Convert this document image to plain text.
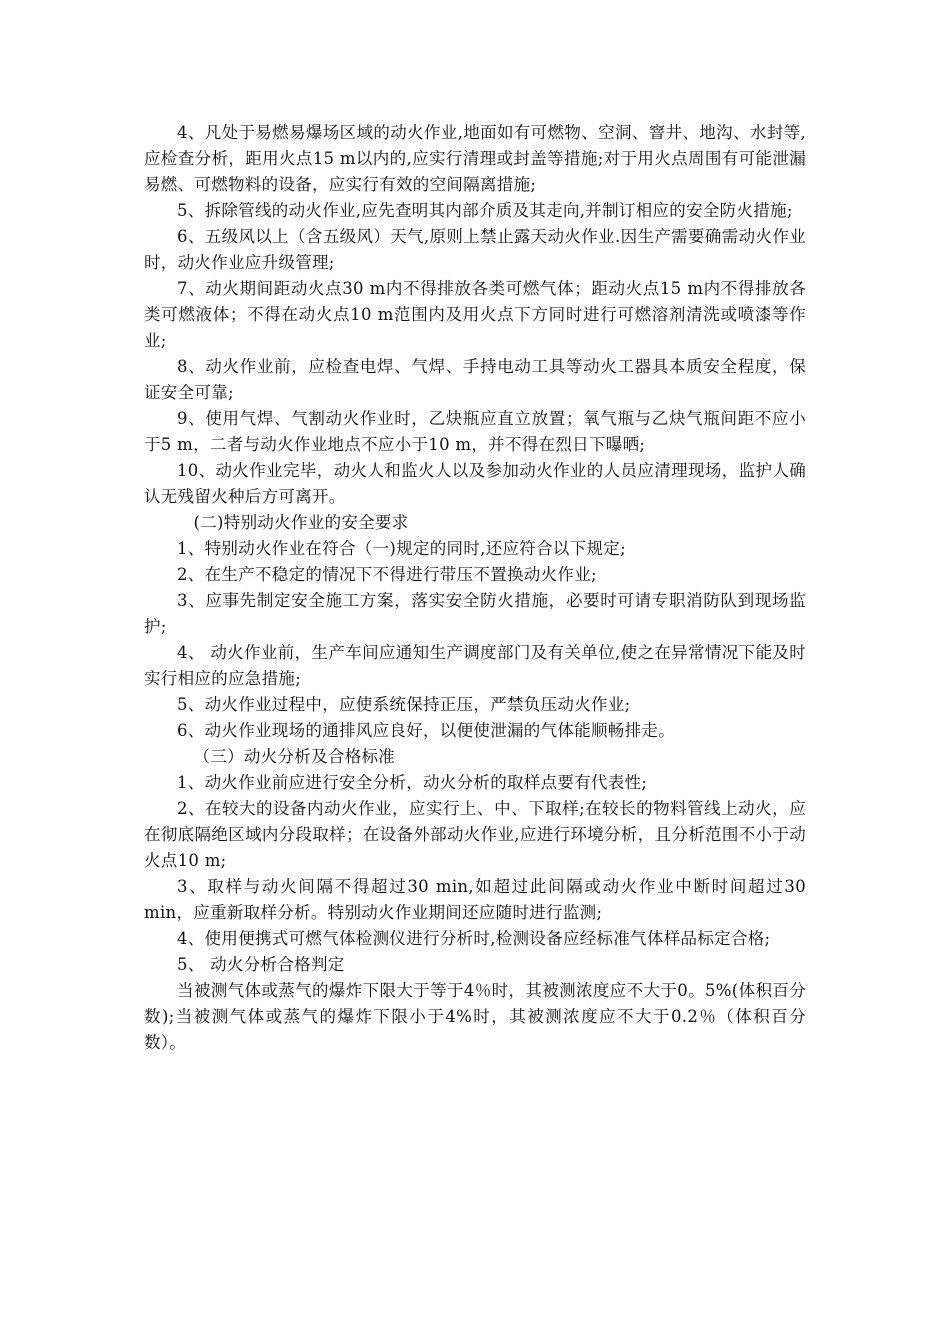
4、凡处于易燃易爆场区域的动火作业,地面如有可燃物、空洞、窨井、地沟、水封等,应检查分析，距用火点15 m以内的,应实行清理或封盖等措施;对于用火点周围有可能泄漏易燃、可燃物料的设备，应实行有效的空间隔离措施;

5、拆除管线的动火作业,应先查明其内部介质及其走向,并制订相应的安全防火措施;

6、五级风以上（含五级风）天气,原则上禁止露天动火作业.因生产需要确需动火作业时，动火作业应升级管理;

7、动火期间距动火点30 m内不得排放各类可燃气体；距动火点15 m内不得排放各类可燃液体；不得在动火点10 m范围内及用火点下方同时进行可燃溶剂清洗或喷漆等作业;

8、动火作业前，应检查电焊、气焊、手持电动工具等动火工器具本质安全程度，保证安全可靠;

9、使用气焊、气割动火作业时，乙炔瓶应直立放置；氧气瓶与乙炔气瓶间距不应小于5 m，二者与动火作业地点不应小于10 m，并不得在烈日下曝晒;

10、动火作业完毕，动火人和监火人以及参加动火作业的人员应清理现场，监护人确认无残留火种后方可离开。

(二)特别动火作业的安全要求

1、特别动火作业在符合（一)规定的同时,还应符合以下规定;

2、在生产不稳定的情况下不得进行带压不置换动火作业;

3、应事先制定安全施工方案，落实安全防火措施，必要时可请专职消防队到现场监护;

4、 动火作业前，生产车间应通知生产调度部门及有关单位,使之在异常情况下能及时实行相应的应急措施;

5、动火作业过程中，应使系统保持正压，严禁负压动火作业;

6、动火作业现场的通排风应良好，以便使泄漏的气体能顺畅排走。

（三）动火分析及合格标准

1、动火作业前应进行安全分析，动火分析的取样点要有代表性;

2、在较大的设备内动火作业，应实行上、中、下取样;在较长的物料管线上动火，应在彻底隔绝区域内分段取样；在设备外部动火作业,应进行环境分析，且分析范围不小于动火点10 m;

3、取样与动火间隔不得超过30 min,如超过此间隔或动火作业中断时间超过30 min，应重新取样分析。特别动火作业期间还应随时进行监测;

4、使用便携式可燃气体检测仪进行分析时,检测设备应经标准气体样品标定合格;

5、 动火分析合格判定

当被测气体或蒸气的爆炸下限大于等于4％时，其被测浓度应不大于0。5%(体积百分数);当被测气体或蒸气的爆炸下限小于4%时，其被测浓度应不大于0.2％（体积百分数）。
